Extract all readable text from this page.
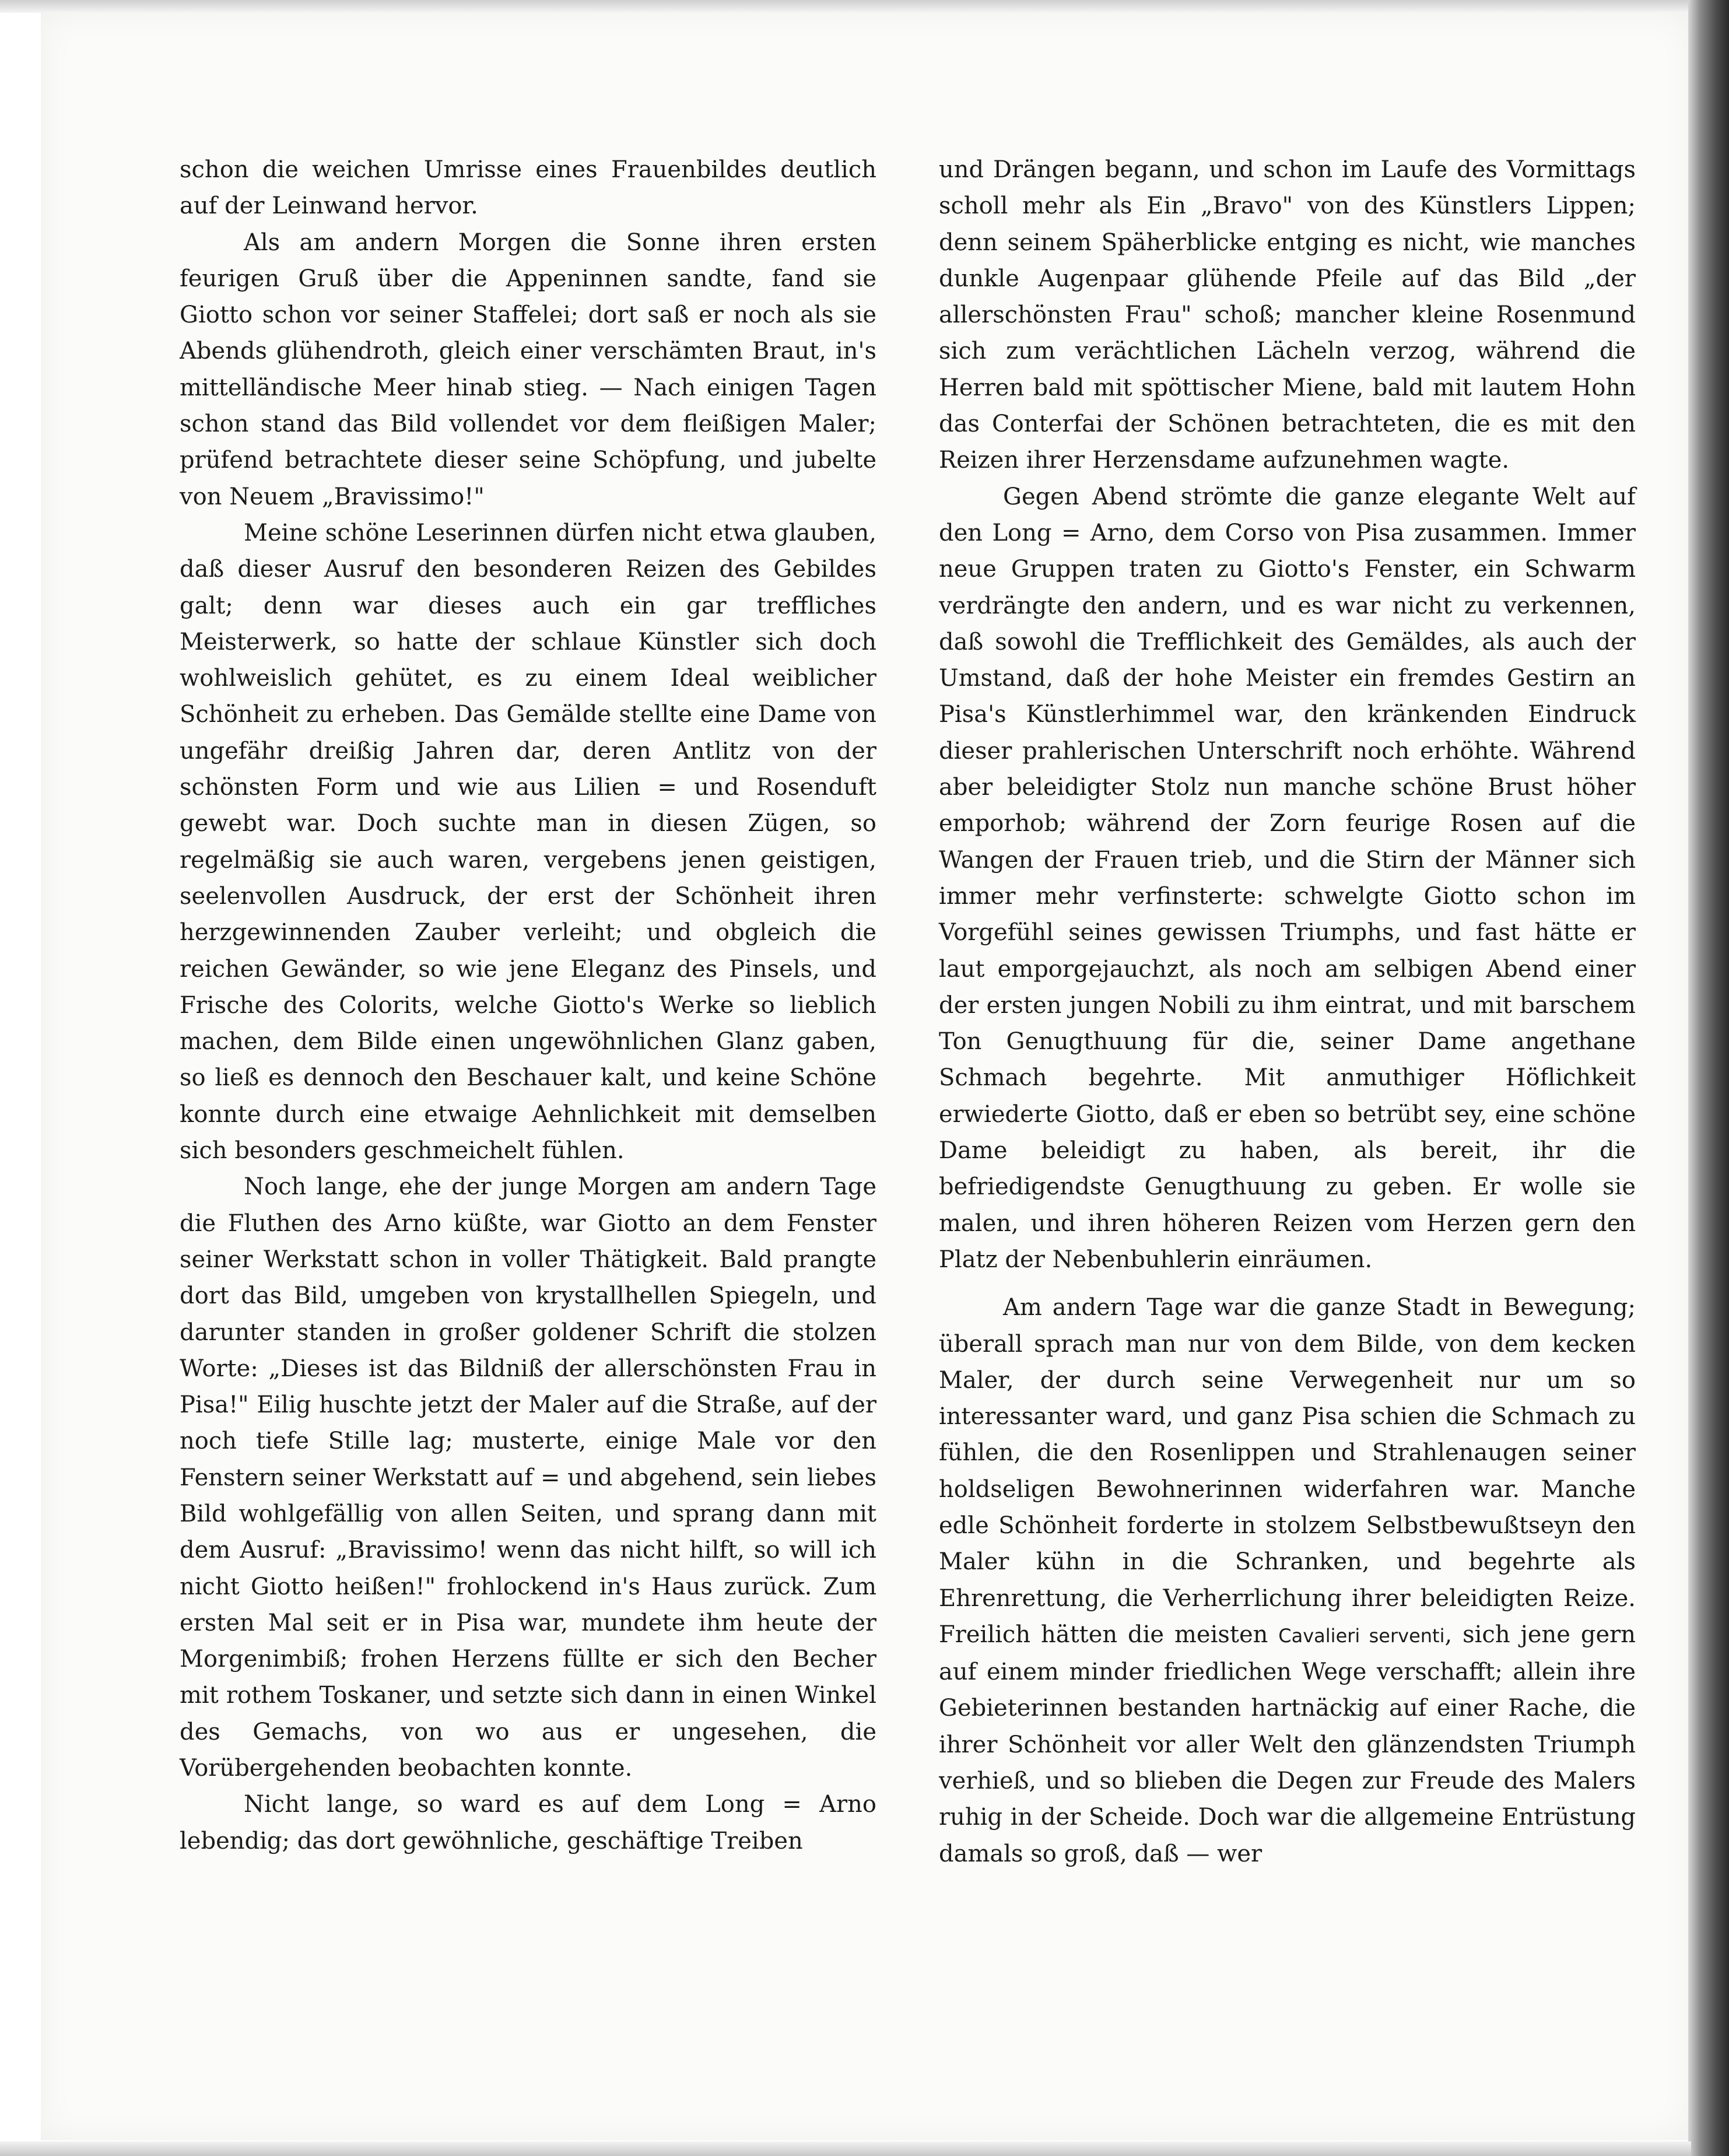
schon die weichen Umrisse eines Frauenbildes deutlich auf der Leinwand hervor.

Als am andern Morgen die Sonne ihren ersten feurigen Gruß über die Appeninnen sandte, fand sie Giotto schon vor seiner Staffelei; dort saß er noch als sie Abends glühendroth, gleich einer verschämten Braut, in's mittelländische Meer hinab stieg. — Nach einigen Tagen schon stand das Bild vollendet vor dem fleißigen Maler; prüfend betrachtete dieser seine Schöpfung, und jubelte von Neuem „Bravissimo!"

Meine schöne Leserinnen dürfen nicht etwa glauben, daß dieser Ausruf den besonderen Reizen des Gebildes galt; denn war dieses auch ein gar treffliches Meisterwerk, so hatte der schlaue Künstler sich doch wohlweislich gehütet, es zu einem Ideal weiblicher Schönheit zu erheben. Das Gemälde stellte eine Dame von ungefähr dreißig Jahren dar, deren Antlitz von der schönsten Form und wie aus Lilien = und Rosenduft gewebt war. Doch suchte man in diesen Zügen, so regelmäßig sie auch waren, vergebens jenen geistigen, seelenvollen Ausdruck, der erst der Schönheit ihren herzgewinnenden Zauber verleiht; und obgleich die reichen Gewänder, so wie jene Eleganz des Pinsels, und Frische des Colorits, welche Giotto's Werke so lieblich machen, dem Bilde einen ungewöhnlichen Glanz gaben, so ließ es dennoch den Beschauer kalt, und keine Schöne konnte durch eine etwaige Aehnlichkeit mit demselben sich besonders geschmeichelt fühlen.

Noch lange, ehe der junge Morgen am andern Tage die Fluthen des Arno küßte, war Giotto an dem Fenster seiner Werkstatt schon in voller Thätigkeit. Bald prangte dort das Bild, umgeben von krystallhellen Spiegeln, und darunter standen in großer goldener Schrift die stolzen Worte: „Dieses ist das Bildniß der allerschönsten Frau in Pisa!" Eilig huschte jetzt der Maler auf die Straße, auf der noch tiefe Stille lag; musterte, einige Male vor den Fenstern seiner Werkstatt auf = und abgehend, sein liebes Bild wohlgefällig von allen Seiten, und sprang dann mit dem Ausruf: „Bravissimo! wenn das nicht hilft, so will ich nicht Giotto heißen!" frohlockend in's Haus zurück. Zum ersten Mal seit er in Pisa war, mundete ihm heute der Morgenimbiß; frohen Herzens füllte er sich den Becher mit rothem Toskaner, und setzte sich dann in einen Winkel des Gemachs, von wo aus er ungesehen, die Vorübergehenden beobachten konnte.

Nicht lange, so ward es auf dem Long = Arno lebendig; das dort gewöhnliche, geschäftige Treiben

und Drängen begann, und schon im Laufe des Vormittags scholl mehr als Ein „Bravo" von des Künstlers Lippen; denn seinem Späherblicke entging es nicht, wie manches dunkle Augenpaar glühende Pfeile auf das Bild „der allerschönsten Frau" schoß; mancher kleine Rosenmund sich zum verächtlichen Lächeln verzog, während die Herren bald mit spöttischer Miene, bald mit lautem Hohn das Conterfai der Schönen betrachteten, die es mit den Reizen ihrer Herzensdame aufzunehmen wagte.

Gegen Abend strömte die ganze elegante Welt auf den Long = Arno, dem Corso von Pisa zusammen. Immer neue Gruppen traten zu Giotto's Fenster, ein Schwarm verdrängte den andern, und es war nicht zu verkennen, daß sowohl die Trefflichkeit des Gemäldes, als auch der Umstand, daß der hohe Meister ein fremdes Gestirn an Pisa's Künstlerhimmel war, den kränkenden Eindruck dieser prahlerischen Unterschrift noch erhöhte. Während aber beleidigter Stolz nun manche schöne Brust höher emporhob; während der Zorn feurige Rosen auf die Wangen der Frauen trieb, und die Stirn der Männer sich immer mehr verfinsterte: schwelgte Giotto schon im Vorgefühl seines gewissen Triumphs, und fast hätte er laut emporgejauchzt, als noch am selbigen Abend einer der ersten jungen Nobili zu ihm eintrat, und mit barschem Ton Genugthuung für die, seiner Dame angethane Schmach begehrte. Mit anmuthiger Höflichkeit erwiederte Giotto, daß er eben so betrübt sey, eine schöne Dame beleidigt zu haben, als bereit, ihr die befriedigendste Genugthuung zu geben. Er wolle sie malen, und ihren höheren Reizen vom Herzen gern den Platz der Nebenbuhlerin einräumen.

Am andern Tage war die ganze Stadt in Bewegung; überall sprach man nur von dem Bilde, von dem kecken Maler, der durch seine Verwegenheit nur um so interessanter ward, und ganz Pisa schien die Schmach zu fühlen, die den Rosenlippen und Strahlenaugen seiner holdseligen Bewohnerinnen widerfahren war. Manche edle Schönheit forderte in stolzem Selbstbewußtseyn den Maler kühn in die Schranken, und begehrte als Ehrenrettung, die Verherrlichung ihrer beleidigten Reize. Freilich hätten die meisten Cavalieri serventi, sich jene gern auf einem minder friedlichen Wege verschafft; allein ihre Gebieterinnen bestanden hartnäckig auf einer Rache, die ihrer Schönheit vor aller Welt den glänzendsten Triumph verhieß, und so blieben die Degen zur Freude des Malers ruhig in der Scheide. Doch war die allgemeine Entrüstung damals so groß, daß — wer
